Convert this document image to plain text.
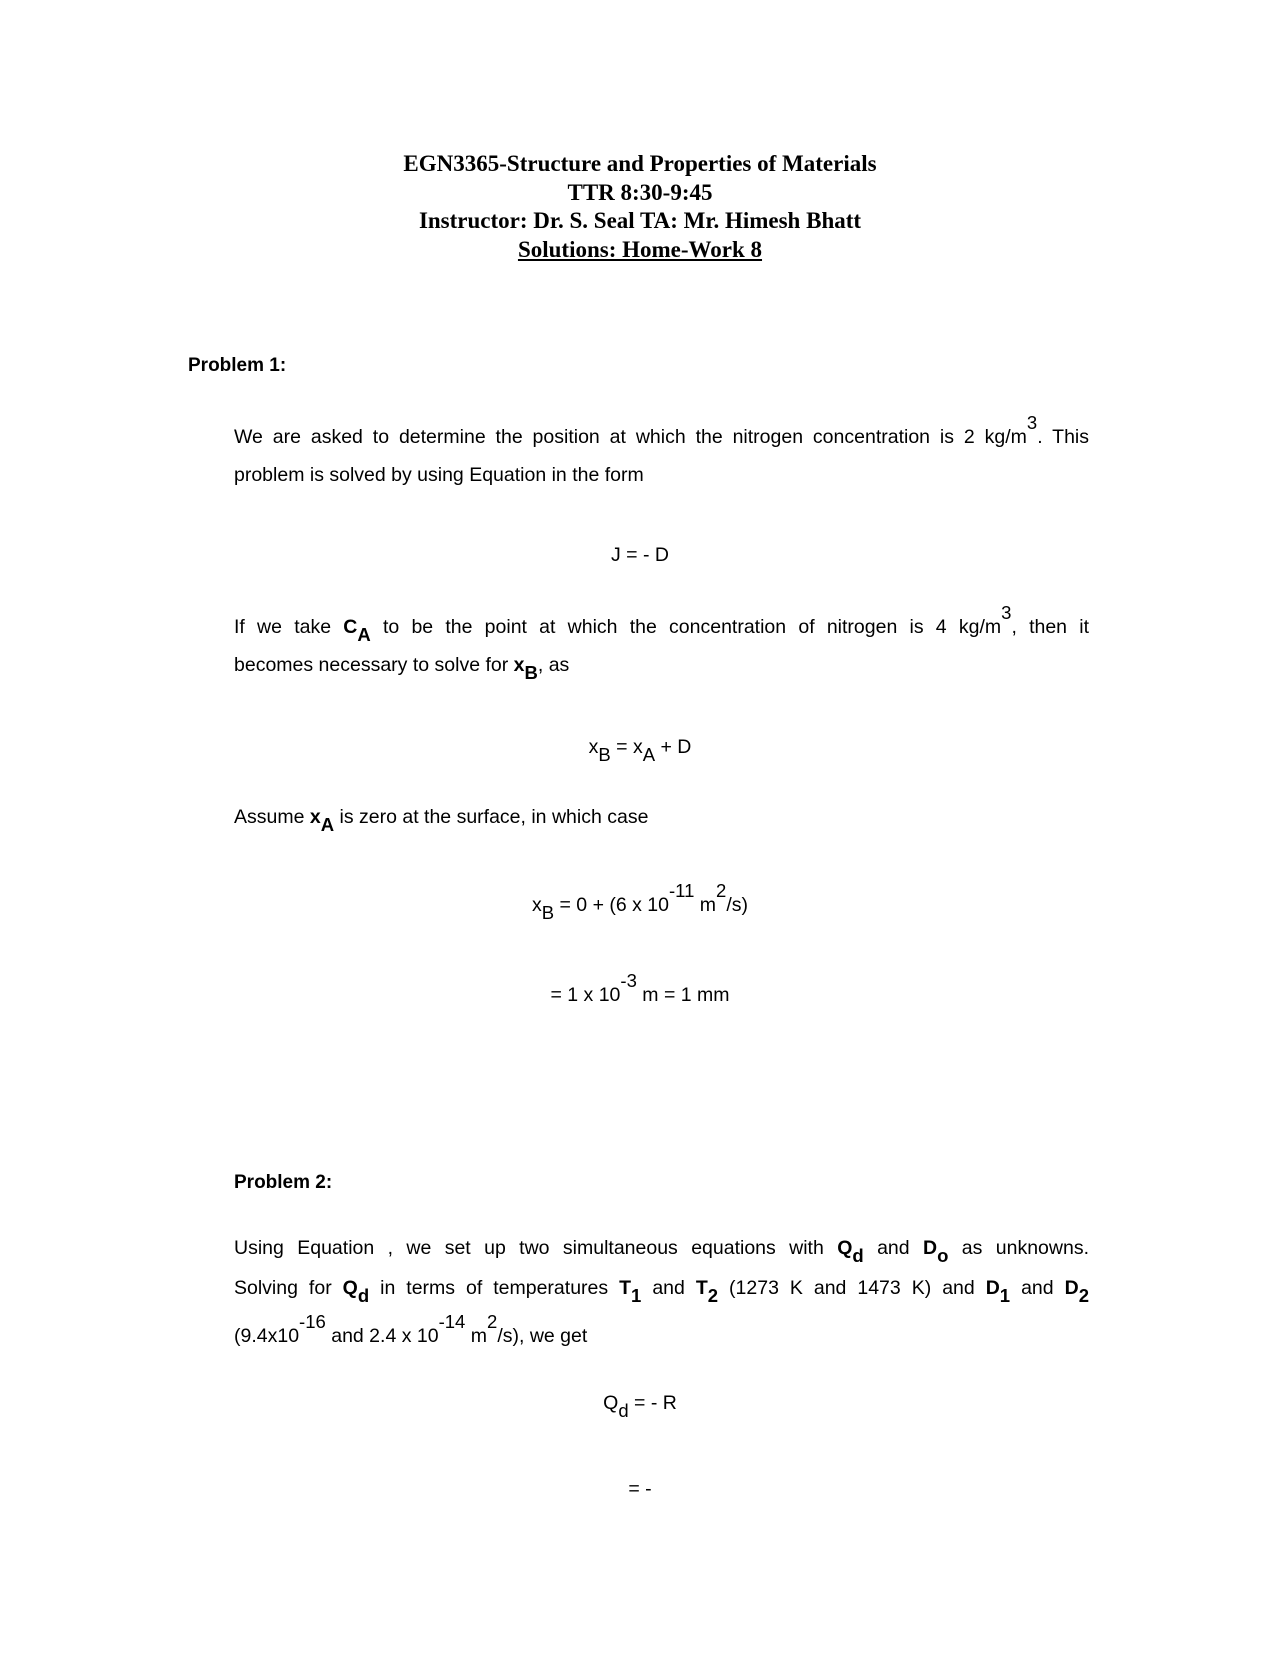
EGN3365-Structure and Properties of Materials
TTR 8:30-9:45
Instructor: Dr. S. Seal TA: Mr. Himesh Bhatt
Solutions: Home-Work 8
Problem 1:
We are asked to determine the position at which the nitrogen concentration is 2 kg/m3. This
problem is solved by using Equation in the form
J = - D
If we take CA to be the point at which the concentration of nitrogen is 4 kg/m3, then it
becomes necessary to solve for xB, as
xB = xA + D
Assume xA is zero at the surface, in which case
xB = 0 + (6 x 10-11 m2/s)
= 1 x 10-3 m = 1 mm
Problem 2:
Using Equation , we set up two simultaneous equations with Qd and Do as unknowns.
Solving for Qd in terms of temperatures T1 and T2 (1273 K and 1473 K) and D1 and D2
(9.4x10-16 and 2.4 x 10-14 m2/s), we get
Qd = - R
= -
